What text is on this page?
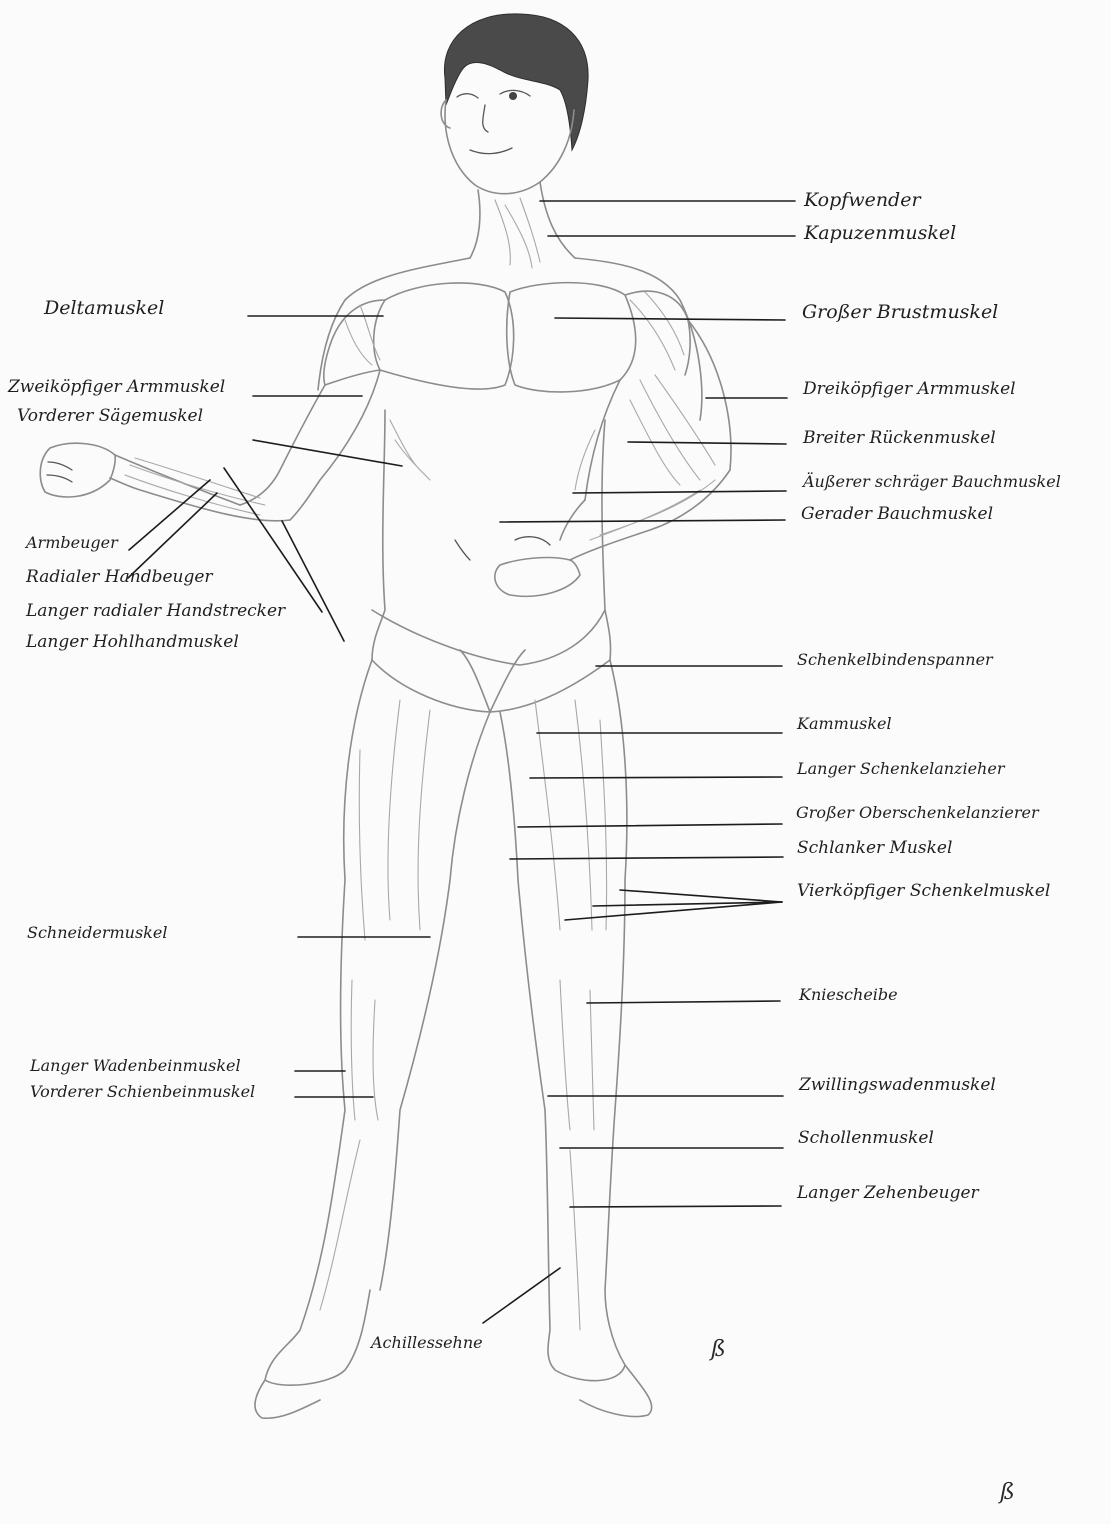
Kopfwender
Kapuzenmuskel
Deltamuskel	Großer Brustmuskel
Zweiköpfiger Armmuskel
Vorderer Sägemuskel
Dreiköpfiger Armmuskel
Breiter Rückenmuskel
Äußerer schräger Bauchmuskel
Gerader Bauchmuskel
Armbeuger
Radialer Handbeuger
Langer radialer Handstrecker
Langer Hohlhandmuskel
Schenkelbindenspanner
Kammuskel
Langer Schenkelanzieher
Großer Oberschenkelanzierer
Schlanker Muskel
Vierköpfiger Schenkelmuskel
Schneidermuskel
Kniescheibe
Langer Wadenbeinmuskel
Vorderer Schienbeinmuskel	Zwillingswadenmuskel
Schollenmuskel
Langer Zehenbeuger
Achillessehne	ß
ß
